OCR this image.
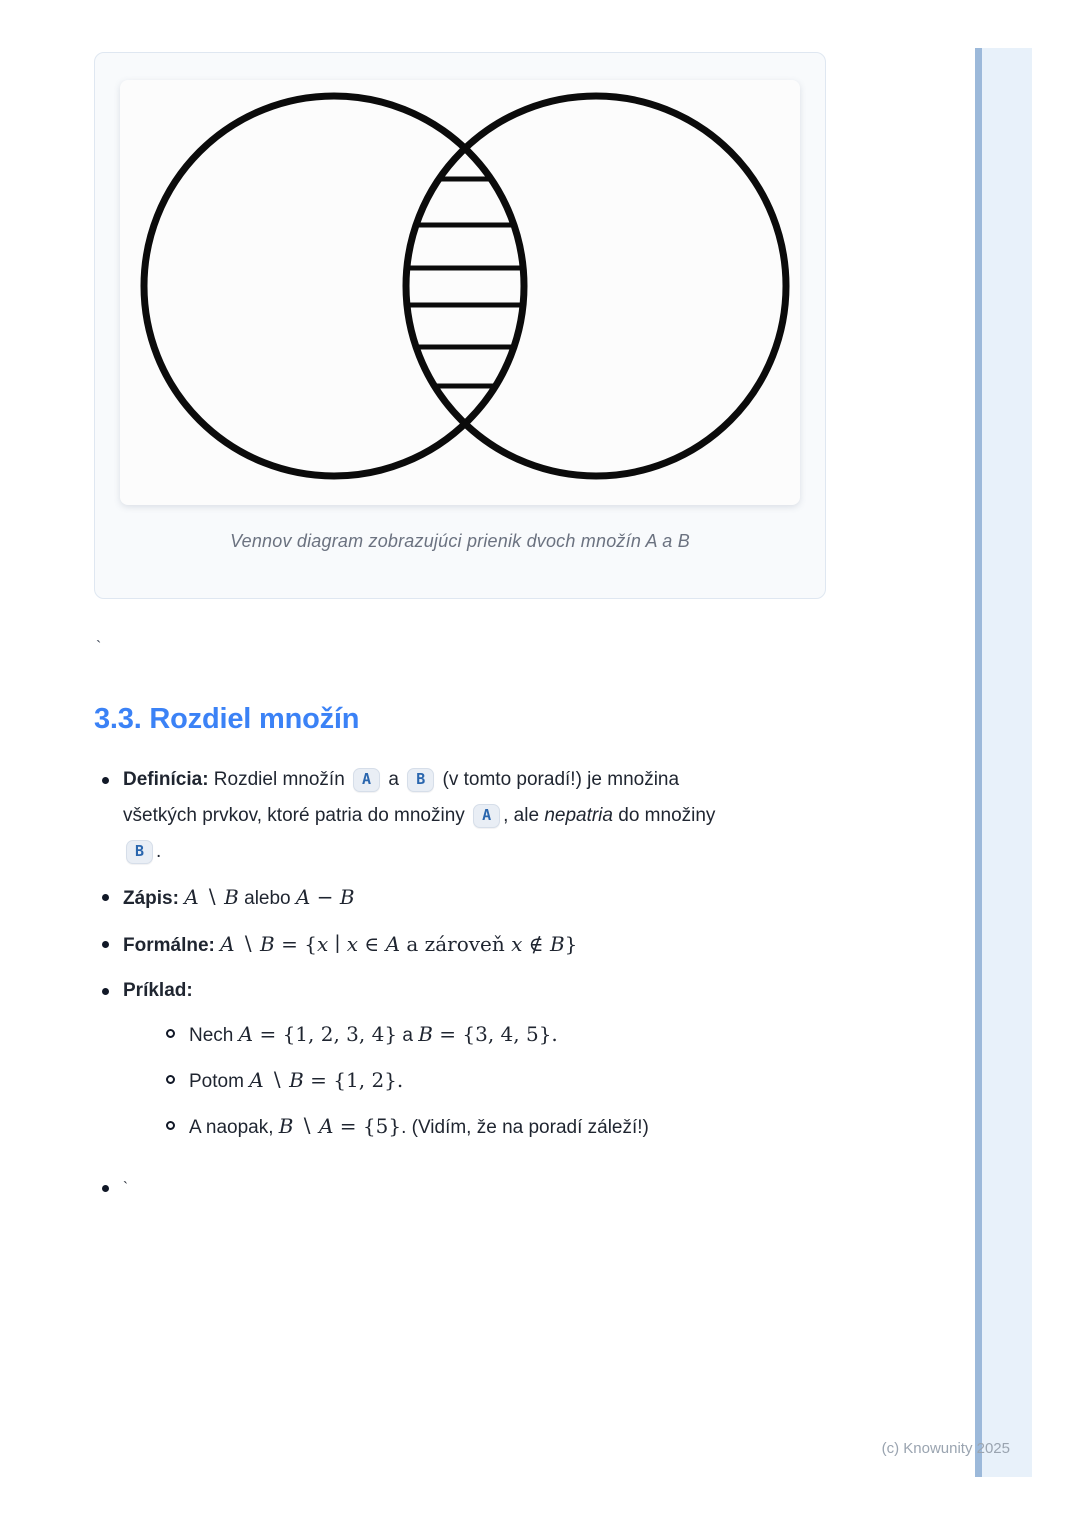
Vennov diagram zobrazujúci prienik dvoch množín A a B
`
3.3. Rozdiel množín
Definícia: Rozdiel množín A a B (v tomto poradí!) je množina
všetkých prvkov, ktoré patria do množiny A , ale nepatria do množiny
B .
Zápis: A ∖ B alebo A − B
Formálne: A ∖ B = {x ∣ x ∈ A a zároveň x ∉ B}
Príklad:
Nech A = {1, 2, 3, 4} a B = {3, 4, 5}.
Potom A ∖ B = {1, 2}.
A naopak, B ∖ A = {5}. (Vidím, že na poradí záleží!)
`
(c) Knowunity 2025
